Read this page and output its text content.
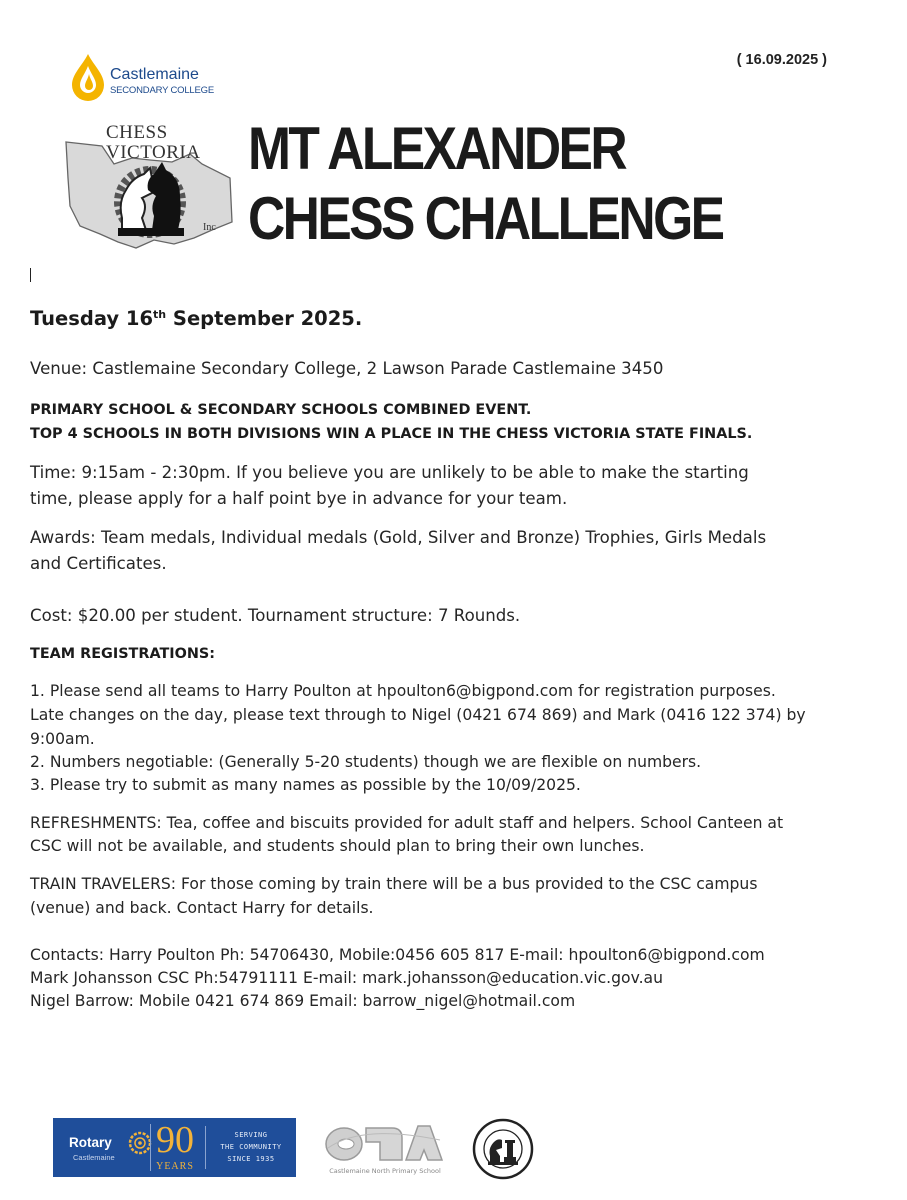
Castlemaine
SECONDARY COLLEGE
( 16.09.2025 )
CHESS
VICTORIA
Inc
MT ALEXANDER
CHESS CHALLENGE
Tuesday 16th September 2025.
Venue: Castlemaine Secondary College, 2 Lawson Parade Castlemaine 3450
PRIMARY SCHOOL & SECONDARY SCHOOLS COMBINED EVENT.
TOP 4 SCHOOLS IN BOTH DIVISIONS WIN A PLACE IN THE CHESS VICTORIA STATE FINALS.
Time: 9:15am - 2:30pm. If you believe you are unlikely to be able to make the starting
time, please apply for a half point bye in advance for your team.
Awards: Team medals, Individual medals (Gold, Silver and Bronze) Trophies, Girls Medals
and Certificates.
Cost: $20.00 per student. Tournament structure: 7 Rounds.
TEAM REGISTRATIONS:
1. Please send all teams to Harry Poulton at hpoulton6@bigpond.com for registration purposes.
Late changes on the day, please text through to Nigel (0421 674 869) and Mark (0416 122 374) by
9:00am.
2. Numbers negotiable: (Generally 5-20 students) though we are flexible on numbers.
3. Please try to submit as many names as possible by the 10/09/2025.
REFRESHMENTS: Tea, coffee and biscuits provided for adult staff and helpers. School Canteen at
CSC will not be available, and students should plan to bring their own lunches.
TRAIN TRAVELERS: For those coming by train there will be a bus provided to the CSC campus
(venue) and back. Contact Harry for details.
Contacts: Harry Poulton Ph: 54706430, Mobile:0456 605 817 E-mail: hpoulton6@bigpond.com
Mark Johansson CSC Ph:54791111 E-mail: mark.johansson@education.vic.gov.au
Nigel Barrow: Mobile 0421 674 869 Email: barrow_nigel@hotmail.com
Rotary
Castlemaine 90
YEARS
SERVING
THE COMMUNITY
SINCE 1935
Castlemaine North Primary School
